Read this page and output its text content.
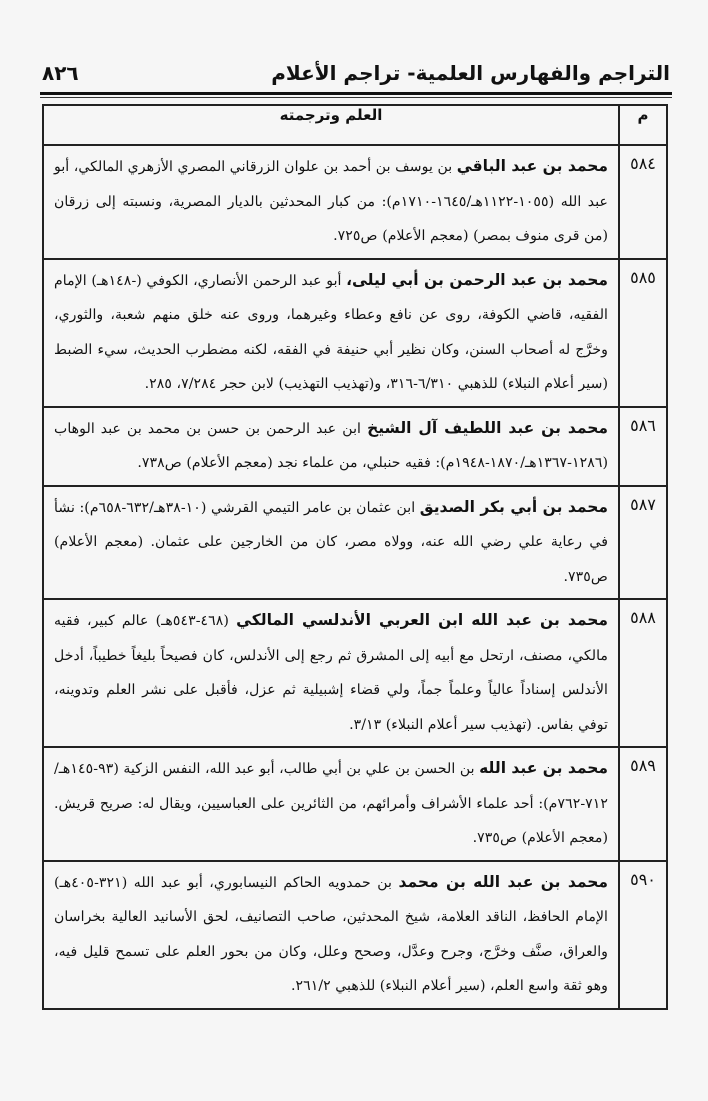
التراجم والفهارس العلمية- تراجم الأعلام
٨٢٦
م	العلم وترجمته
٥٨٤	محمد بن عبد الباقي بن يوسف بن أحمد بن علوان الزرقاني المصري الأزهري المالكي، أبو عبد الله (١٠٥٥-١١٢٢هـ/١٦٤٥-١٧١٠م): من كبار المحدثين بالديار المصرية، ونسبته إلى زرقان (من قرى منوف بمصر) (معجم الأعلام) ص٧٢٥.
٥٨٥	محمد بن عبد الرحمن بن أبي ليلى، أبو عبد الرحمن الأنصاري، الكوفي (-١٤٨هـ) الإمام الفقيه، قاضي الكوفة، روى عن نافع وعطاء وغيرهما، وروى عنه خلق منهم شعبة، والثوري، وخرَّج له أصحاب السنن، وكان نظير أبي حنيفة في الفقه، لكنه مضطرب الحديث، سيء الضبط (سير أعلام النبلاء) للذهبي ٦/٣١٠-٣١٦، و(تهذيب التهذيب) لابن حجر ٧/٢٨٤، ٢٨٥.
٥٨٦	محمد بن عبد اللطيف آل الشيخ ابن عبد الرحمن بن حسن بن محمد بن عبد الوهاب (١٢٨٦-١٣٦٧هـ/١٨٧٠-١٩٤٨م): فقيه حنبلي، من علماء نجد (معجم الأعلام) ص٧٣٨.
٥٨٧	محمد بن أبي بكر الصديق ابن عثمان بن عامر التيمي القرشي (١٠-٣٨هـ/٦٣٢-٦٥٨م): نشأ في رعاية علي رضي الله عنه، وولاه مصر، كان من الخارجين على عثمان. (معجم الأعلام) ص٧٣٥.
٥٨٨	محمد بن عبد الله ابن العربي الأندلسي المالكي (٤٦٨-٥٤٣هـ) عالم كبير، فقيه مالكي، مصنف، ارتحل مع أبيه إلى المشرق ثم رجع إلى الأندلس، كان فصيحاً بليغاً خطيباً، أدخل الأندلس إسناداً عالياً وعلماً جماً، ولي قضاء إشبيلية ثم عزل، فأقبل على نشر العلم وتدوينه، توفي بفاس. (تهذيب سير أعلام النبلاء) ٣/١٣.
٥٨٩	محمد بن عبد الله بن الحسن بن علي بن أبي طالب، أبو عبد الله، النفس الزكية (٩٣-١٤٥هـ/٧١٢-٧٦٢م): أحد علماء الأشراف وأمرائهم، من الثائرين على العباسيين، ويقال له: صريح قريش. (معجم الأعلام) ص٧٣٥.
٥٩٠	محمد بن عبد الله بن محمد بن حمدويه الحاكم النيسابوري، أبو عبد الله (٣٢١-٤٠٥هـ) الإمام الحافظ، الناقد العلامة، شيخ المحدثين، صاحب التصانيف، لحق الأسانيد العالية بخراسان والعراق، صنَّف وخرَّج، وجرح وعدَّل، وصحح وعلل، وكان من بحور العلم على تسمح قليل فيه، وهو ثقة واسع العلم، (سير أعلام النبلاء) للذهبي ٢٦١/٢.
